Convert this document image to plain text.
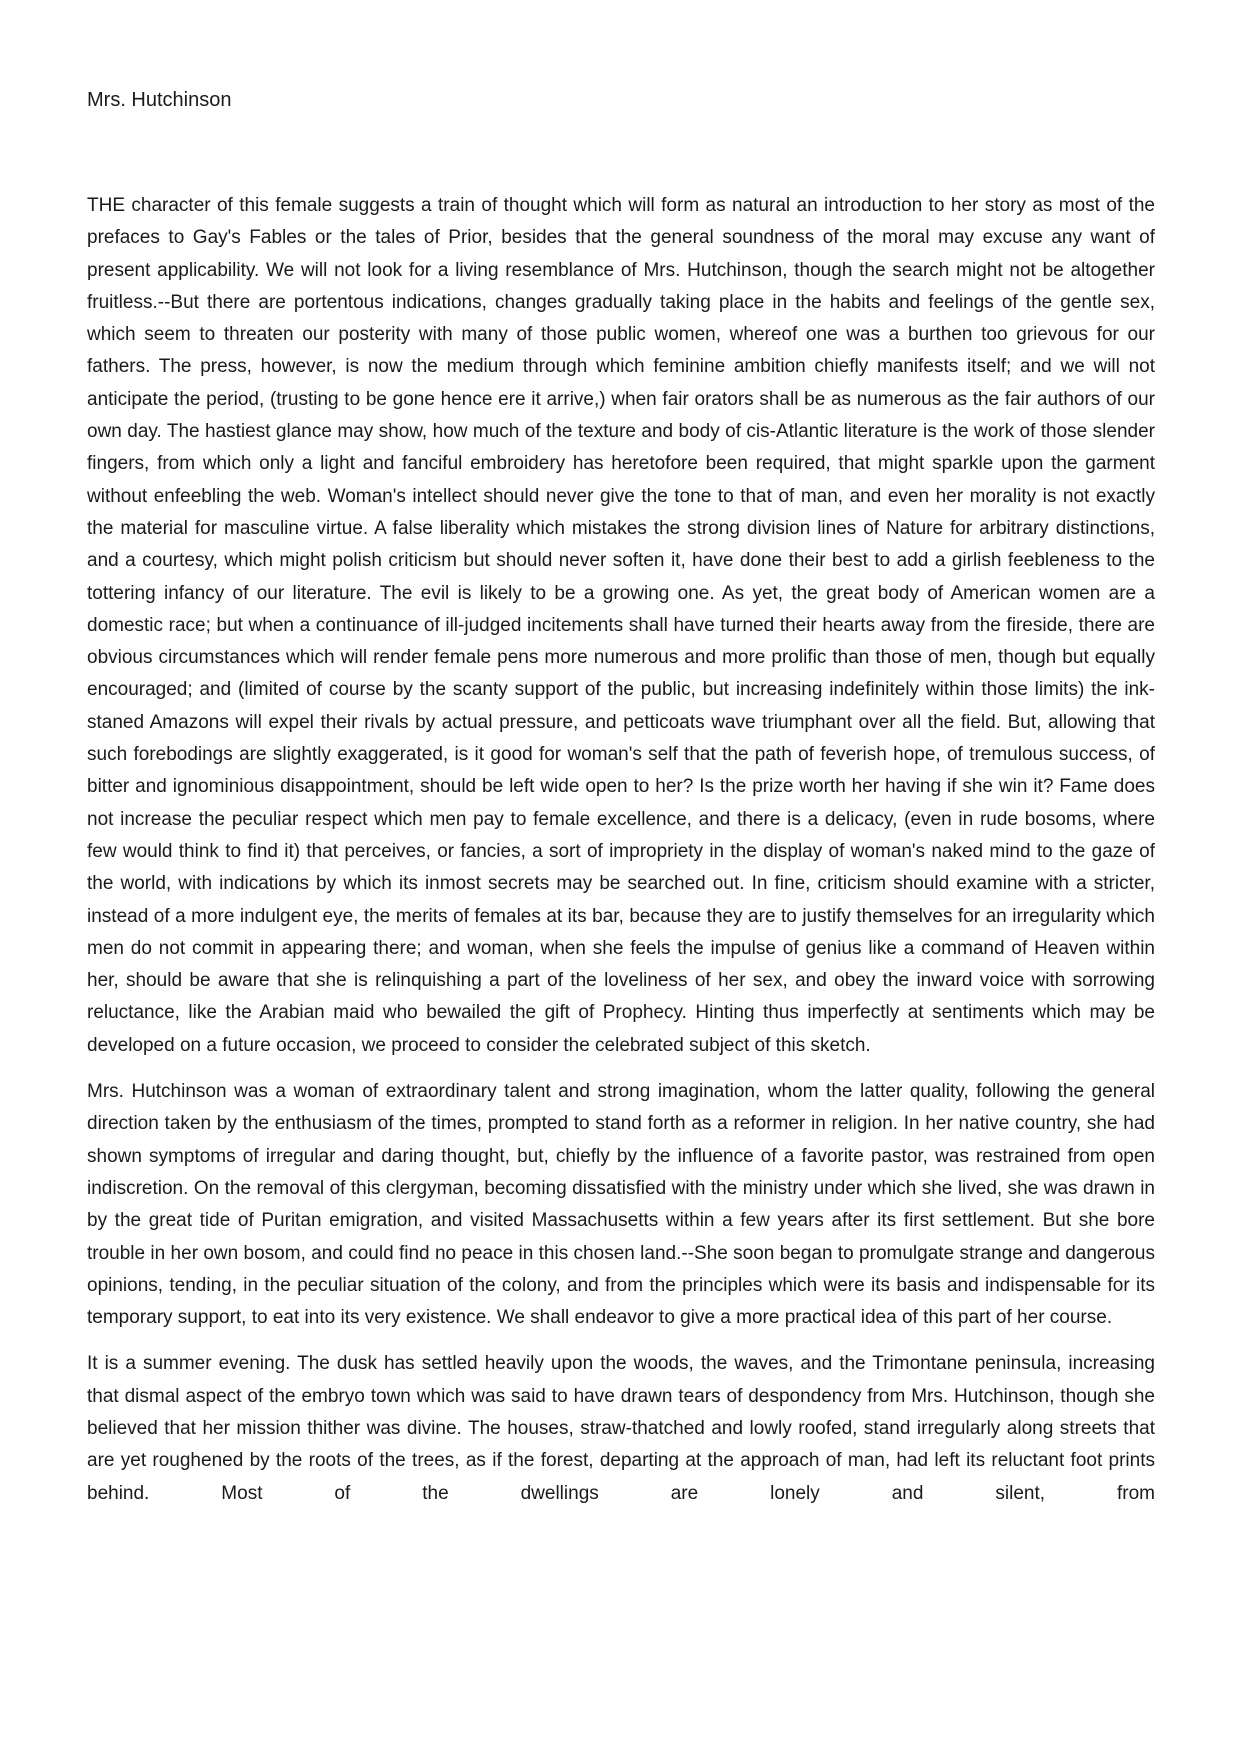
Mrs. Hutchinson

THE character of this female suggests a train of thought which will form as natural an introduction to her story as most of the prefaces to Gay's Fables or the tales of Prior, besides that the general soundness of the moral may excuse any want of present applicability. We will not look for a living resemblance of Mrs. Hutchinson, though the search might not be altogether fruitless.--But there are portentous indications, changes gradually taking place in the habits and feelings of the gentle sex, which seem to threaten our posterity with many of those public women, whereof one was a burthen too grievous for our fathers. The press, however, is now the medium through which feminine ambition chiefly manifests itself; and we will not anticipate the period, (trusting to be gone hence ere it arrive,) when fair orators shall be as numerous as the fair authors of our own day. The hastiest glance may show, how much of the texture and body of cis-Atlantic literature is the work of those slender fingers, from which only a light and fanciful embroidery has heretofore been required, that might sparkle upon the garment without enfeebling the web. Woman's intellect should never give the tone to that of man, and even her morality is not exactly the material for masculine virtue. A false liberality which mistakes the strong division lines of Nature for arbitrary distinctions, and a courtesy, which might polish criticism but should never soften it, have done their best to add a girlish feebleness to the tottering infancy of our literature. The evil is likely to be a growing one. As yet, the great body of American women are a domestic race; but when a continuance of ill-judged incitements shall have turned their hearts away from the fireside, there are obvious circumstances which will render female pens more numerous and more prolific than those of men, though but equally encouraged; and (limited of course by the scanty support of the public, but increasing indefinitely within those limits) the ink-staned Amazons will expel their rivals by actual pressure, and petticoats wave triumphant over all the field. But, allowing that such forebodings are slightly exaggerated, is it good for woman's self that the path of feverish hope, of tremulous success, of bitter and ignominious disappointment, should be left wide open to her? Is the prize worth her having if she win it? Fame does not increase the peculiar respect which men pay to female excellence, and there is a delicacy, (even in rude bosoms, where few would think to find it) that perceives, or fancies, a sort of impropriety in the display of woman's naked mind to the gaze of the world, with indications by which its inmost secrets may be searched out. In fine, criticism should examine with a stricter, instead of a more indulgent eye, the merits of females at its bar, because they are to justify themselves for an irregularity which men do not commit in appearing there; and woman, when she feels the impulse of genius like a command of Heaven within her, should be aware that she is relinquishing a part of the loveliness of her sex, and obey the inward voice with sorrowing reluctance, like the Arabian maid who bewailed the gift of Prophecy. Hinting thus imperfectly at sentiments which may be developed on a future occasion, we proceed to consider the celebrated subject of this sketch.

Mrs. Hutchinson was a woman of extraordinary talent and strong imagination, whom the latter quality, following the general direction taken by the enthusiasm of the times, prompted to stand forth as a reformer in religion. In her native country, she had shown symptoms of irregular and daring thought, but, chiefly by the influence of a favorite pastor, was restrained from open indiscretion. On the removal of this clergyman, becoming dissatisfied with the ministry under which she lived, she was drawn in by the great tide of Puritan emigration, and visited Massachusetts within a few years after its first settlement. But she bore trouble in her own bosom, and could find no peace in this chosen land.--She soon began to promulgate strange and dangerous opinions, tending, in the peculiar situation of the colony, and from the principles which were its basis and indispensable for its temporary support, to eat into its very existence. We shall endeavor to give a more practical idea of this part of her course.

It is a summer evening. The dusk has settled heavily upon the woods, the waves, and the Trimontane peninsula, increasing that dismal aspect of the embryo town which was said to have drawn tears of despondency from Mrs. Hutchinson, though she believed that her mission thither was divine. The houses, straw-thatched and lowly roofed, stand irregularly along streets that are yet roughened by the roots of the trees, as if the forest, departing at the approach of man, had left its reluctant foot prints behind. Most of the dwellings are lonely and silent, from
